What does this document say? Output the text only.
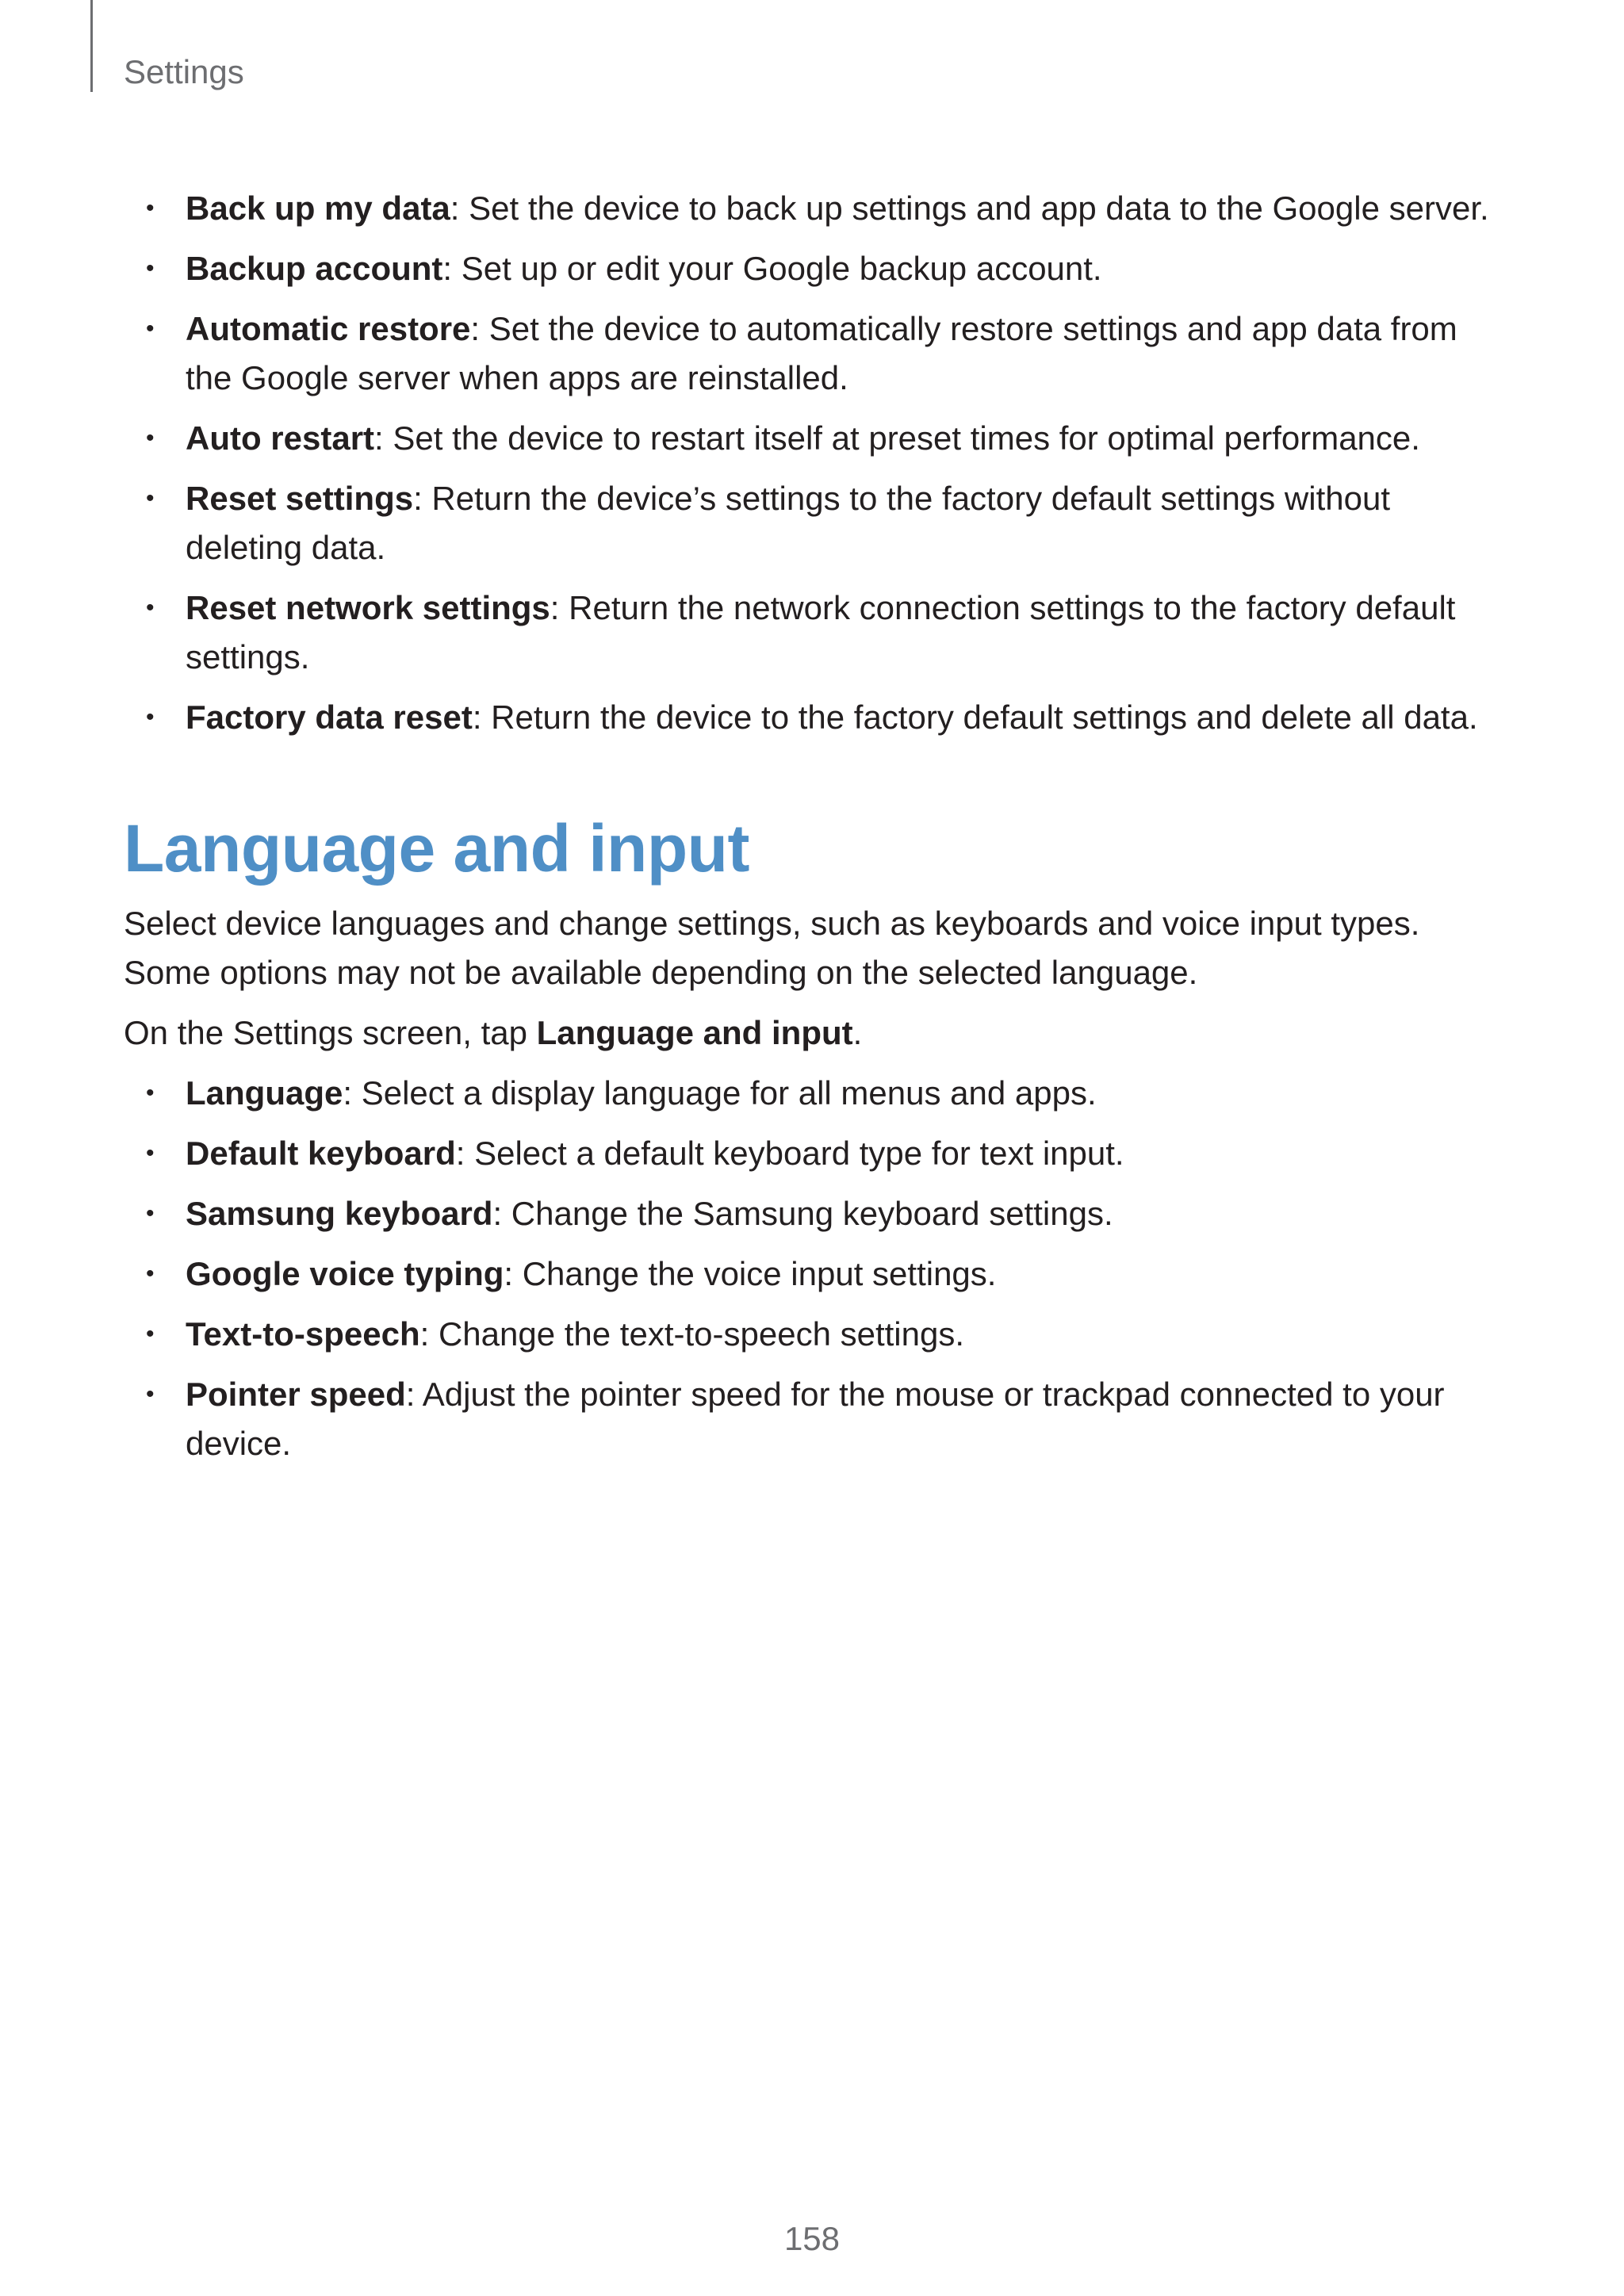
Settings
• Back up my data: Set the device to back up settings and app data to the Google server.
• Backup account: Set up or edit your Google backup account.
• Automatic restore: Set the device to automatically restore settings and app data from the Google server when apps are reinstalled.
• Auto restart: Set the device to restart itself at preset times for optimal performance.
• Reset settings: Return the device’s settings to the factory default settings without deleting data.
• Reset network settings: Return the network connection settings to the factory default settings.
• Factory data reset: Return the device to the factory default settings and delete all data.
Language and input

Select device languages and change settings, such as keyboards and voice input types. Some options may not be available depending on the selected language.

On the Settings screen, tap Language and input.

• Language: Select a display language for all menus and apps.
• Default keyboard: Select a default keyboard type for text input.
• Samsung keyboard: Change the Samsung keyboard settings.
• Google voice typing: Change the voice input settings.
• Text-to-speech: Change the text-to-speech settings.
• Pointer speed: Adjust the pointer speed for the mouse or trackpad connected to your device.
158
